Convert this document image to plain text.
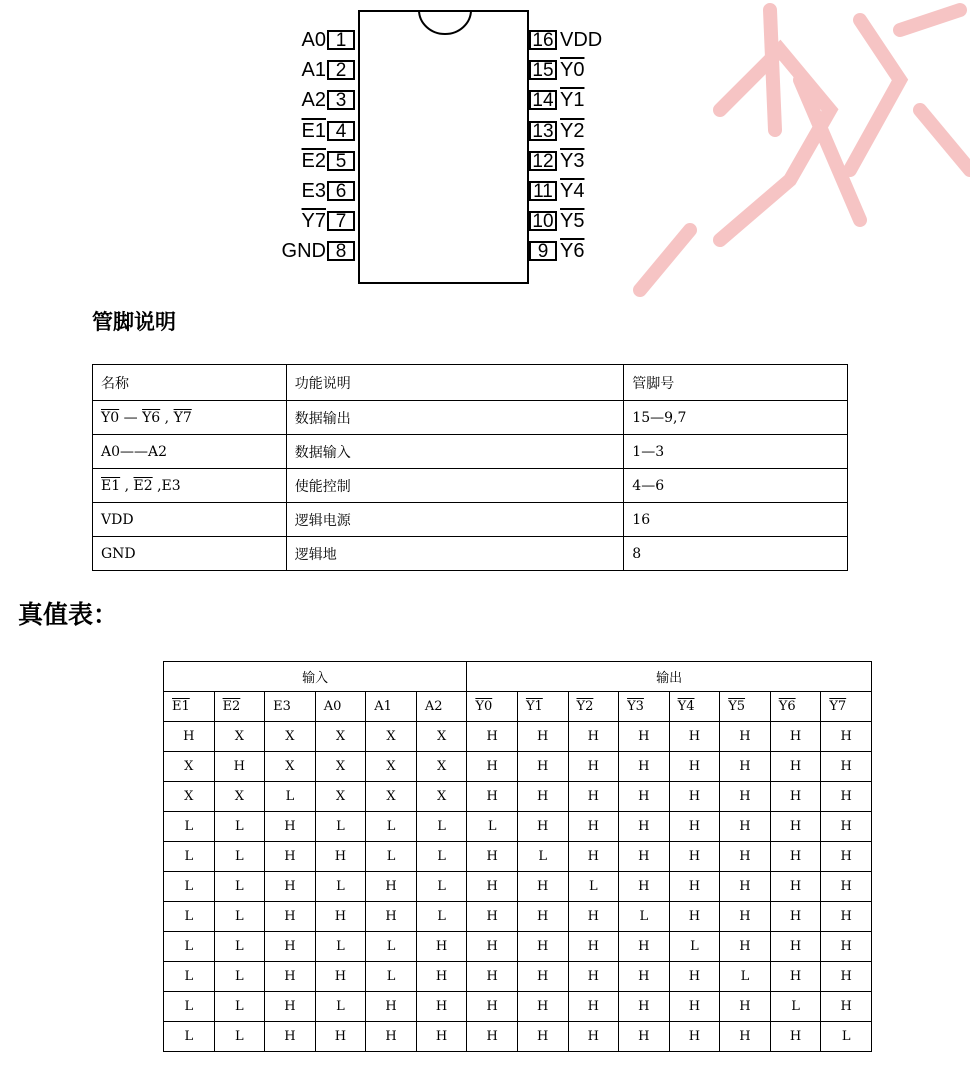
A0 1
A1 2
A2 3
E1 4
E2 5
E3 6
Y7 7
GND 8
16 VDD
15 Y0
14 Y1
13 Y2
12 Y3
11 Y4
10 Y5
9 Y6
管脚说明
名称	功能说明	管脚号
Y0 — Y6 , Y7	数据输出	15—9,7
A0——A2	数据输入	1—3
E1 , E2 ,E3	使能控制	4—6
VDD	逻辑电源	16
GND	逻辑地	8
真值表：
输入						输出							
E1	E2	E3	A0	A1	A2	Y0	Y1	Y2	Y3	Y4	Y5	Y6	Y7
H	X	X	X	X	X	H	H	H	H	H	H	H	H
X	H	X	X	X	X	H	H	H	H	H	H	H	H
X	X	L	X	X	X	H	H	H	H	H	H	H	H
L	L	H	L	L	L	L	H	H	H	H	H	H	H
L	L	H	H	L	L	H	L	H	H	H	H	H	H
L	L	H	L	H	L	H	H	L	H	H	H	H	H
L	L	H	H	H	L	H	H	H	L	H	H	H	H
L	L	H	L	L	H	H	H	H	H	L	H	H	H
L	L	H	H	L	H	H	H	H	H	H	L	H	H
L	L	H	L	H	H	H	H	H	H	H	H	L	H
L	L	H	H	H	H	H	H	H	H	H	H	H	L
